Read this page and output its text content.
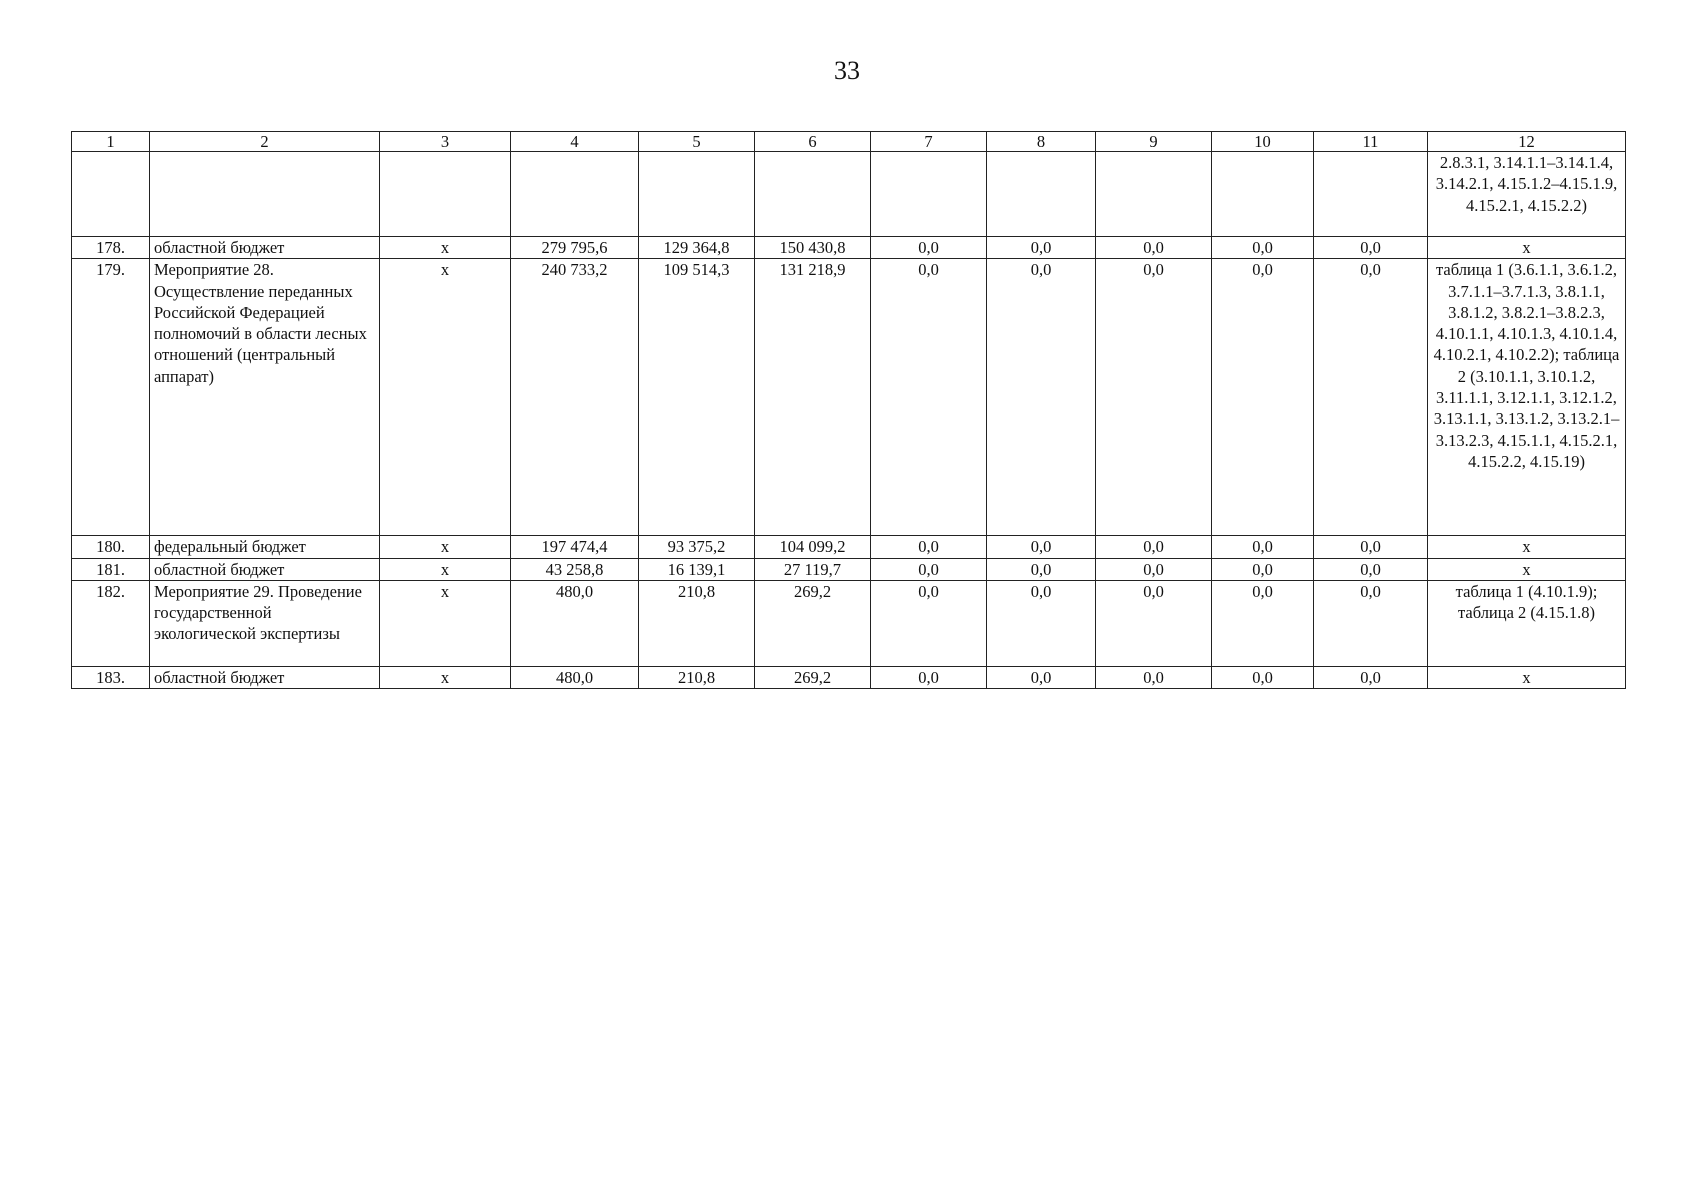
33
1	2	3	4	5	6	7	8	9	10	11	12
											2.8.3.1, 3.14.1.1–3.14.1.4, 3.14.2.1, 4.15.1.2–4.15.1.9, 4.15.2.1, 4.15.2.2)
178.	областной бюджет	x	279 795,6	129 364,8	150 430,8	0,0	0,0	0,0	0,0	0,0	x
179.	Мероприятие 28. Осуществление переданных Российской Федерацией полномочий в области лесных отношений (центральный аппарат)	x	240 733,2	109 514,3	131 218,9	0,0	0,0	0,0	0,0	0,0	таблица 1 (3.6.1.1, 3.6.1.2, 3.7.1.1–3.7.1.3, 3.8.1.1, 3.8.1.2, 3.8.2.1–3.8.2.3, 4.10.1.1, 4.10.1.3, 4.10.1.4, 4.10.2.1, 4.10.2.2); таблица 2 (3.10.1.1, 3.10.1.2, 3.11.1.1, 3.12.1.1, 3.12.1.2, 3.13.1.1, 3.13.1.2, 3.13.2.1–3.13.2.3, 4.15.1.1, 4.15.2.1, 4.15.2.2, 4.15.19)
180.	федеральный бюджет	x	197 474,4	93 375,2	104 099,2	0,0	0,0	0,0	0,0	0,0	x
181.	областной бюджет	x	43 258,8	16 139,1	27 119,7	0,0	0,0	0,0	0,0	0,0	x
182.	Мероприятие 29. Проведение государственной экологической экспертизы	x	480,0	210,8	269,2	0,0	0,0	0,0	0,0	0,0	таблица 1 (4.10.1.9); таблица 2 (4.15.1.8)
183.	областной бюджет	x	480,0	210,8	269,2	0,0	0,0	0,0	0,0	0,0	x
